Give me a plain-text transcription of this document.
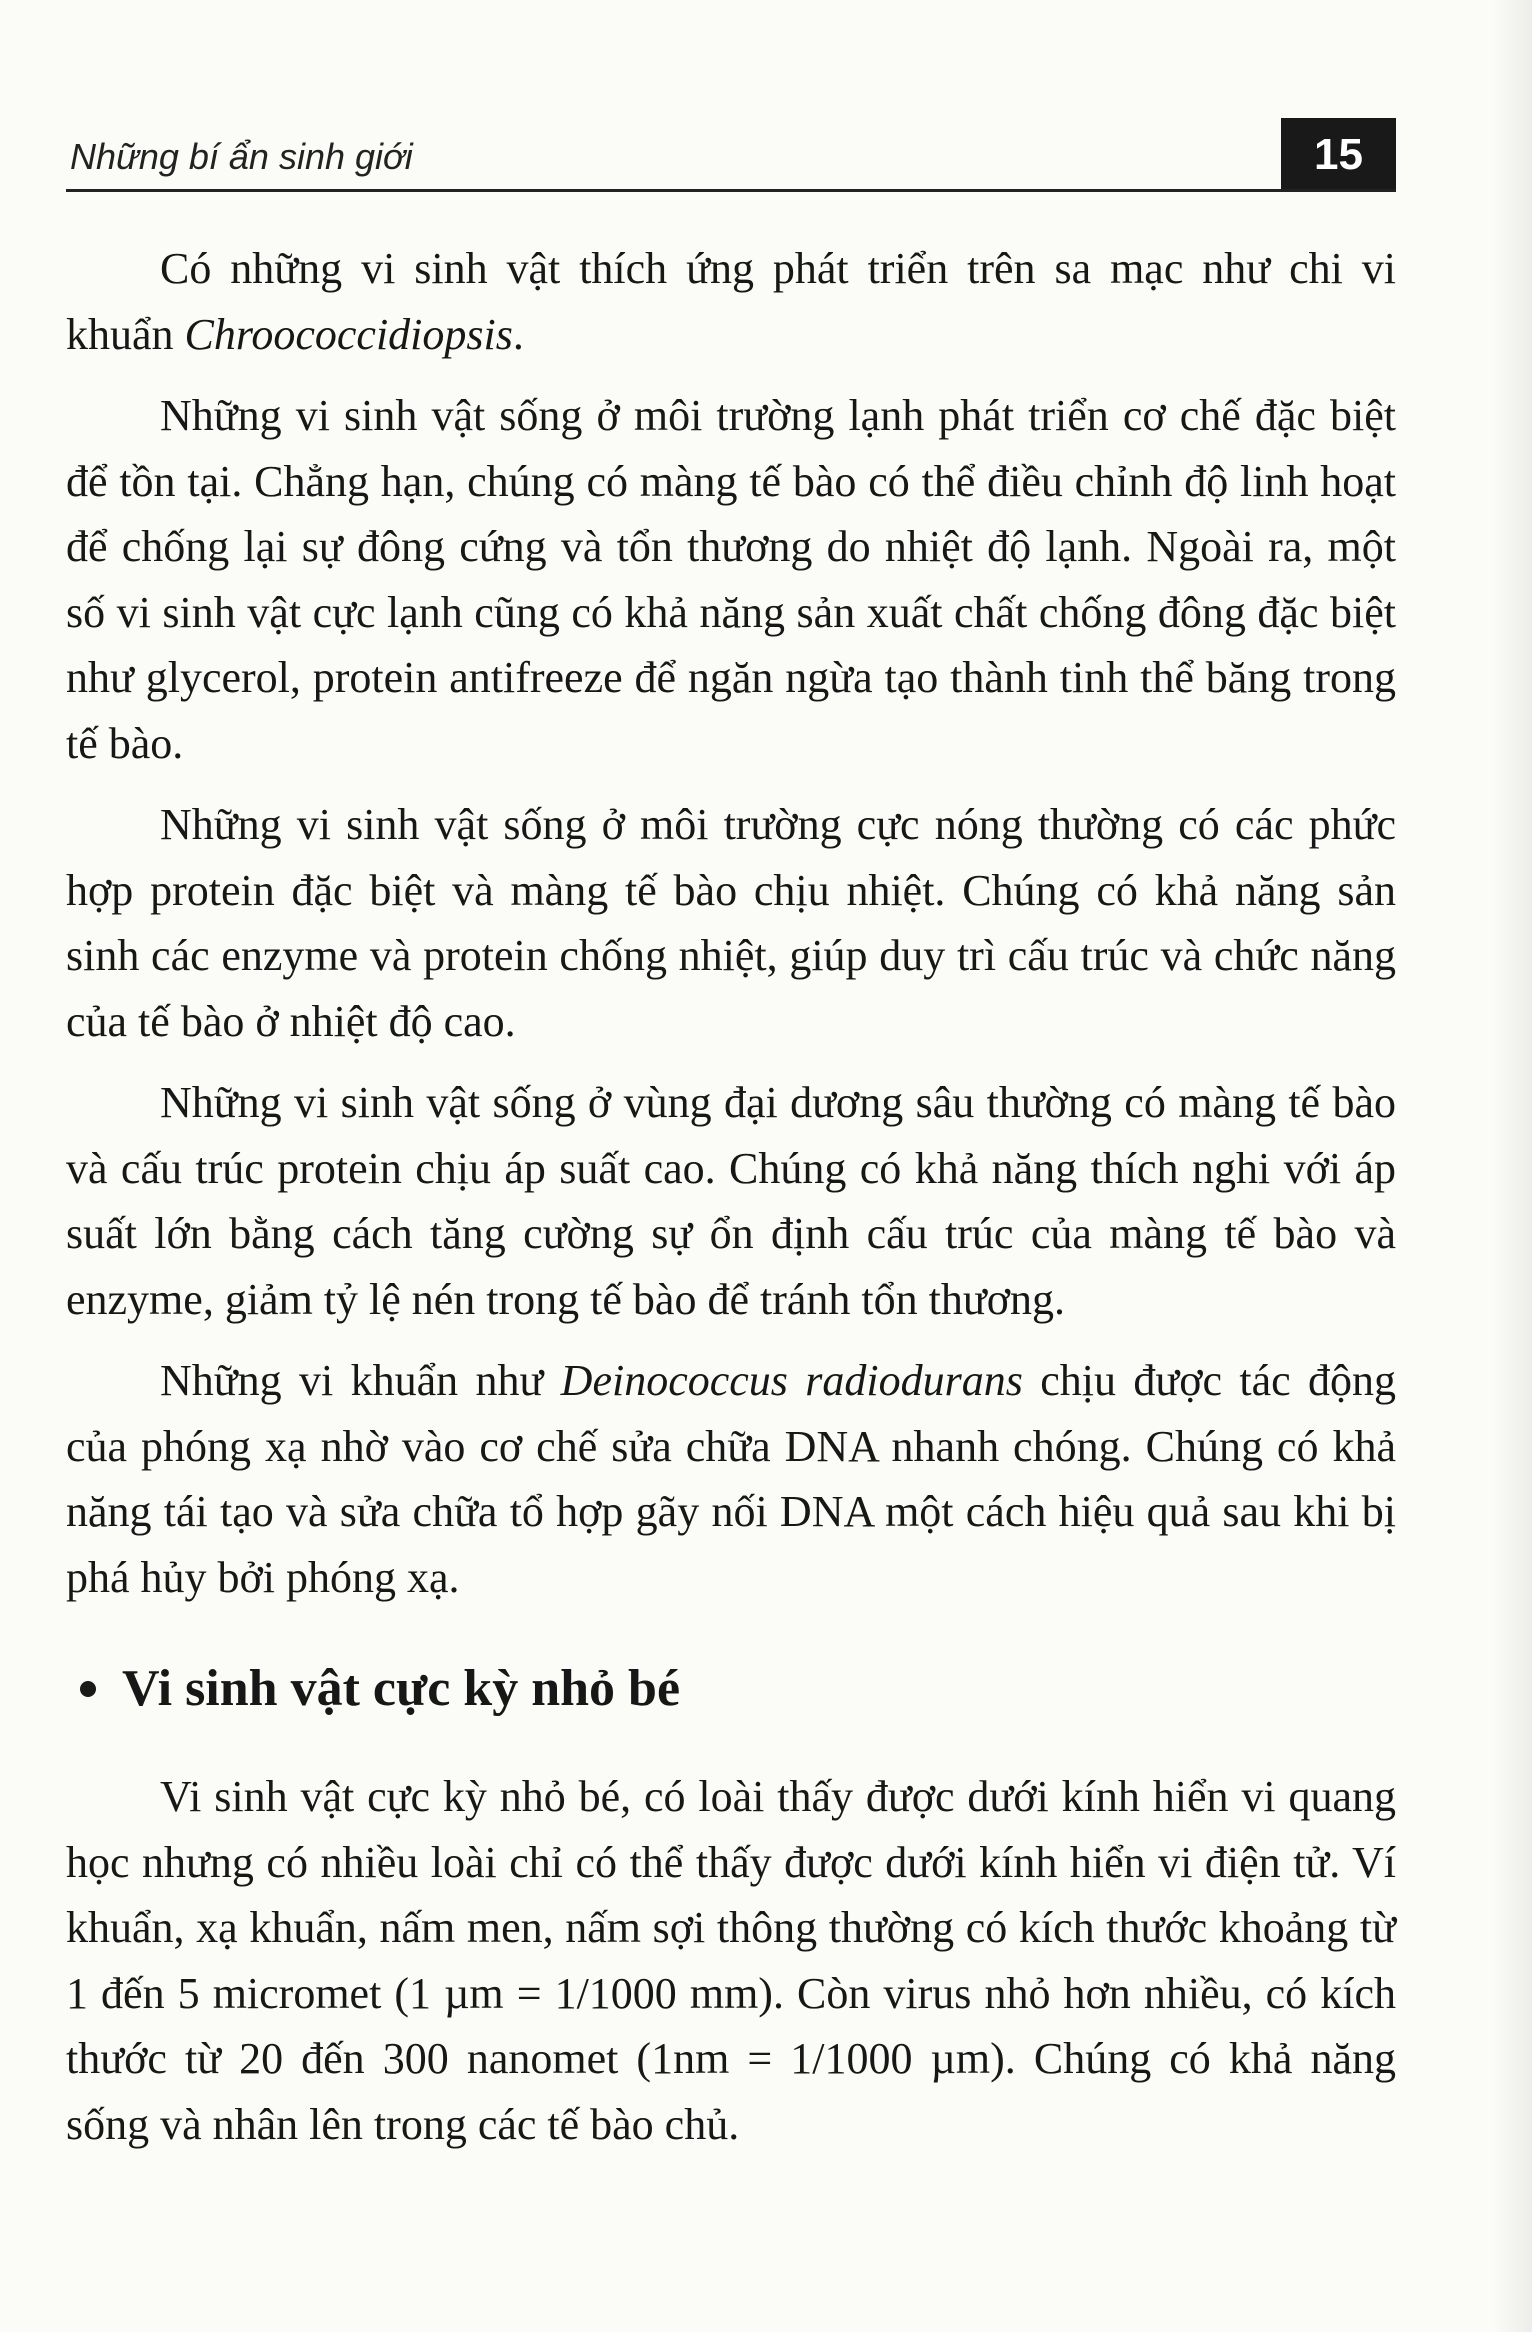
Những bí ẩn sinh giới	15

Có những vi sinh vật thích ứng phát triển trên sa mạc như chi vi khuẩn Chroococcidiopsis.

Những vi sinh vật sống ở môi trường lạnh phát triển cơ chế đặc biệt để tồn tại. Chẳng hạn, chúng có màng tế bào có thể điều chỉnh độ linh hoạt để chống lại sự đông cứng và tổn thương do nhiệt độ lạnh. Ngoài ra, một số vi sinh vật cực lạnh cũng có khả năng sản xuất chất chống đông đặc biệt như glycerol, protein antifreeze để ngăn ngừa tạo thành tinh thể băng trong tế bào.

Những vi sinh vật sống ở môi trường cực nóng thường có các phức hợp protein đặc biệt và màng tế bào chịu nhiệt. Chúng có khả năng sản sinh các enzyme và protein chống nhiệt, giúp duy trì cấu trúc và chức năng của tế bào ở nhiệt độ cao.

Những vi sinh vật sống ở vùng đại dương sâu thường có màng tế bào và cấu trúc protein chịu áp suất cao. Chúng có khả năng thích nghi với áp suất lớn bằng cách tăng cường sự ổn định cấu trúc của màng tế bào và enzyme, giảm tỷ lệ nén trong tế bào để tránh tổn thương.

Những vi khuẩn như Deinococcus radiodurans chịu được tác động của phóng xạ nhờ vào cơ chế sửa chữa DNA nhanh chóng. Chúng có khả năng tái tạo và sửa chữa tổ hợp gãy nối DNA một cách hiệu quả sau khi bị phá hủy bởi phóng xạ.

Vi sinh vật cực kỳ nhỏ bé

Vi sinh vật cực kỳ nhỏ bé, có loài thấy được dưới kính hiển vi quang học nhưng có nhiều loài chỉ có thể thấy được dưới kính hiển vi điện tử. Ví khuẩn, xạ khuẩn, nấm men, nấm sợi thông thường có kích thước khoảng từ 1 đến 5 micromet (1 µm = 1/1000 mm). Còn virus nhỏ hơn nhiều, có kích thước từ 20 đến 300 nanomet (1nm = 1/1000 µm). Chúng có khả năng sống và nhân lên trong các tế bào chủ.
